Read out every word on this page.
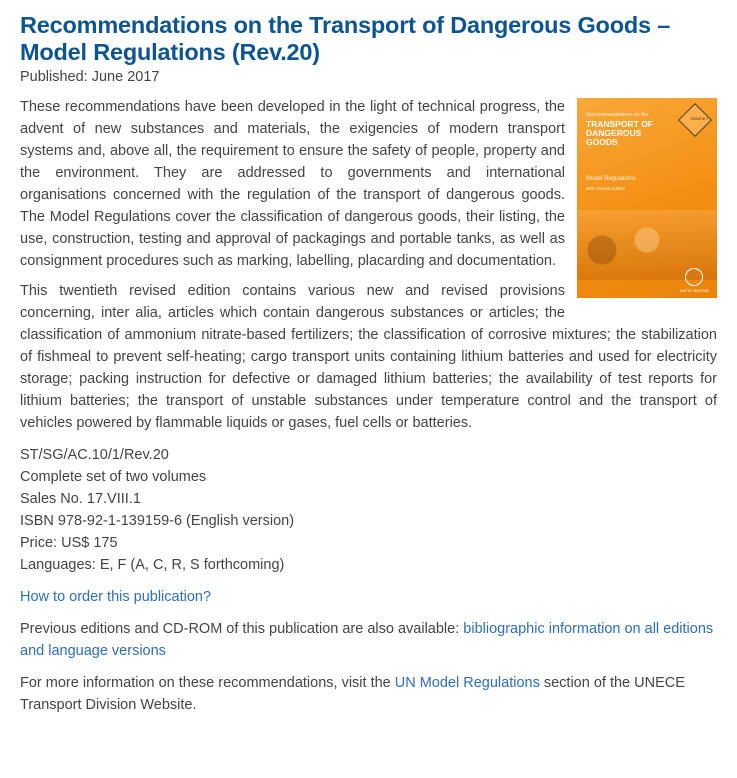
Recommendations on the Transport of Dangerous Goods – Model Regulations (Rev.20)
Published: June 2017
Recommendations on the
TRANSPORT OF DANGEROUS GOODS
Model Regulations
20th revised edition
Volume I
UNITED NATIONS

These recommendations have been developed in the light of technical progress, the advent of new substances and materials, the exigencies of modern transport systems and, above all, the requirement to ensure the safety of people, property and the environment. They are addressed to governments and international organisations concerned with the regulation of the transport of dangerous goods. The Model Regulations cover the classification of dangerous goods, their listing, the use, construction, testing and approval of packagings and portable tanks, as well as consignment procedures such as marking, labelling, placarding and documentation.

This twentieth revised edition contains various new and revised provisions concerning, inter alia, articles which contain dangerous substances or articles; the classification of ammonium nitrate-based fertilizers; the classification of corrosive mixtures; the stabilization of fishmeal to prevent self-heating; cargo transport units containing lithium batteries and used for electricity storage; packing instruction for defective or damaged lithium batteries; the availability of test reports for lithium batteries; the transport of unstable substances under temperature control and the transport of vehicles powered by flammable liquids or gases, fuel cells or batteries.

ST/SG/AC.10/1/Rev.20
Complete set of two volumes
Sales No. 17.VIII.1
ISBN 978-92-1-139159-6 (English version)
Price: US$ 175
Languages: E, F (A, C, R, S forthcoming)
How to order this publication?

Previous editions and CD-ROM of this publication are also available: bibliographic information on all editions and language versions

For more information on these recommendations, visit the UN Model Regulations section of the UNECE Transport Division Website.
